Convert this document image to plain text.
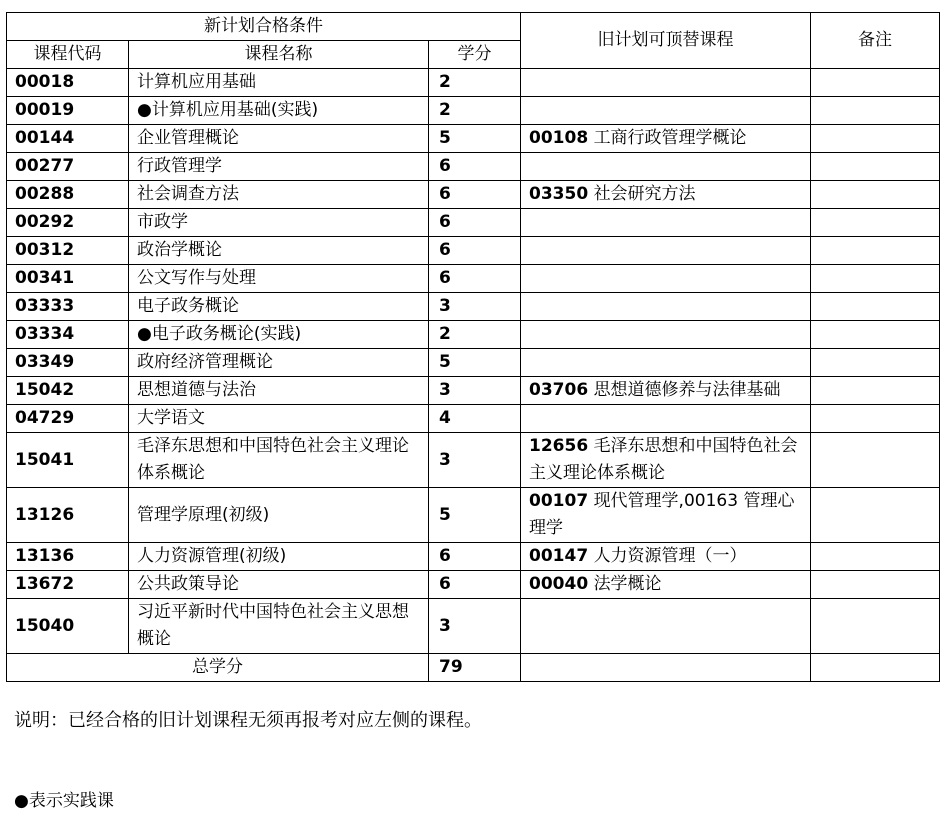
新计划合格条件			旧计划可顶替课程	备注
课程代码	课程名称	学分		
00018	计算机应用基础	2		
00019	●计算机应用基础(实践)	2		
00144	企业管理概论	5	00108 工商行政管理学概论	
00277	行政管理学	6		
00288	社会调查方法	6	03350 社会研究方法	
00292	市政学	6		
00312	政治学概论	6		
00341	公文写作与处理	6		
03333	电子政务概论	3		
03334	●电子政务概论(实践)	2		
03349	政府经济管理概论	5		
15042	思想道德与法治	3	03706 思想道德修养与法律基础	
04729	大学语文	4		
15041	毛泽东思想和中国特色社会主义理论体系概论	3	12656 毛泽东思想和中国特色社会主义理论体系概论	
13126	管理学原理(初级)	5	00107 现代管理学,00163 管理心理学	
13136	人力资源管理(初级)	6	00147 人力资源管理（一）	
13672	公共政策导论	6	00040 法学概论	
15040	习近平新时代中国特色社会主义思想概论	3		
总学分		79		
说明：已经合格的旧计划课程无须再报考对应左侧的课程。
●表示实践课
